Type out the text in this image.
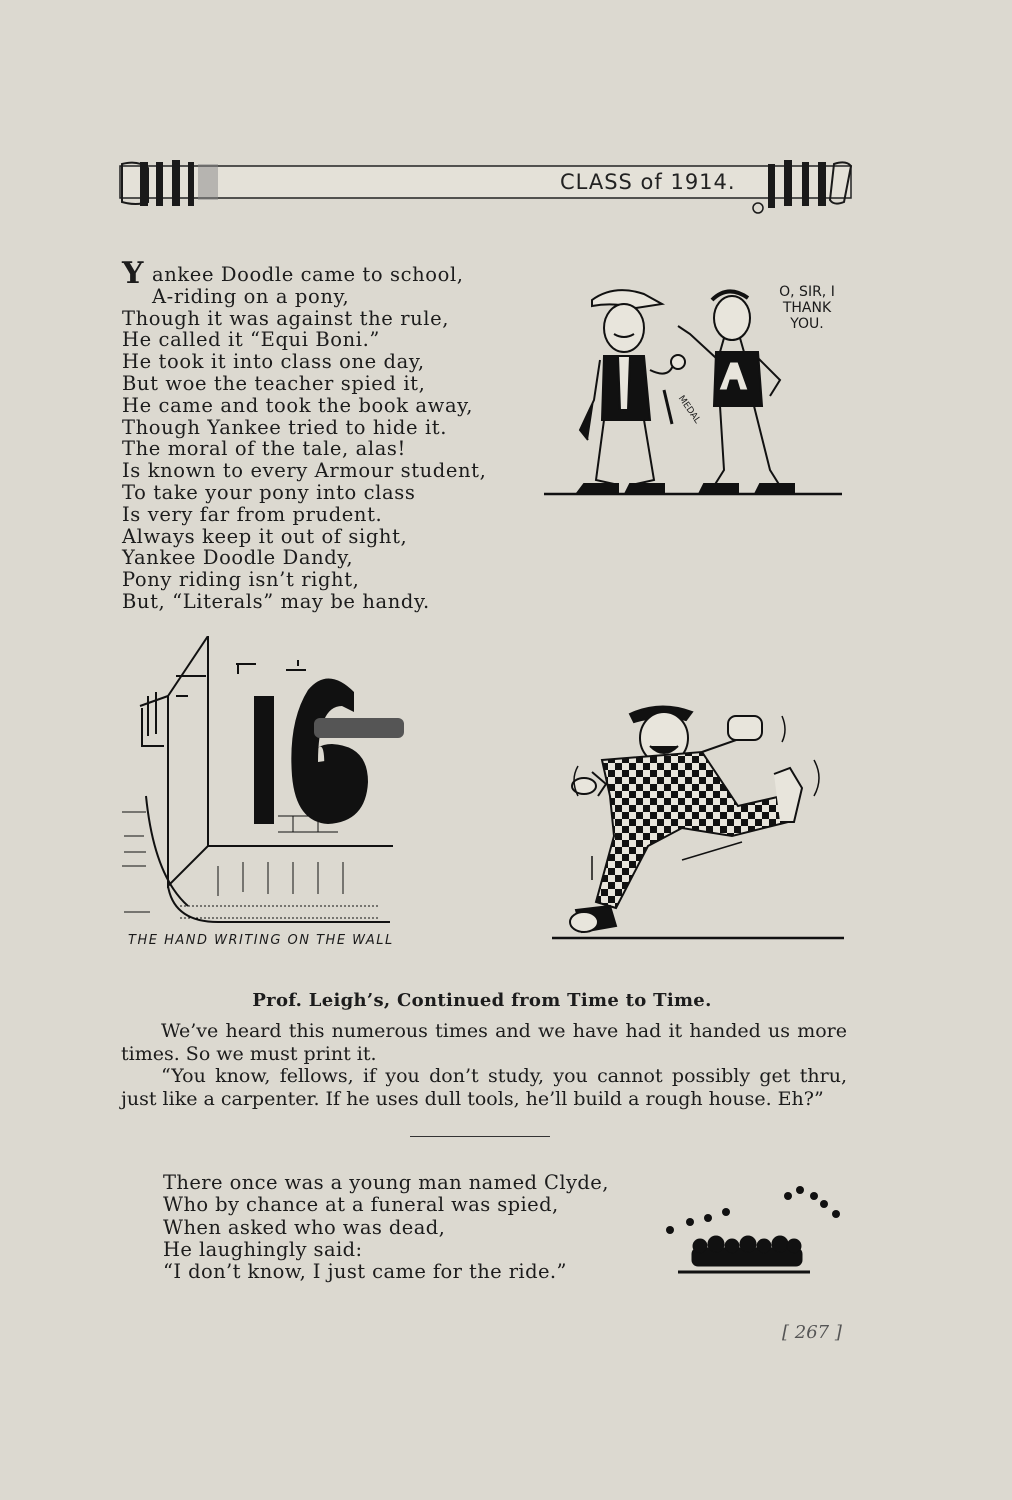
CLASS of 1914.
Yankee Doodle came to school,
A-riding on a pony,
Though it was against the rule,
He called it “Equi Boni.”
He took it into class one day,
But woe the teacher spied it,
He came and took the book away,
Though Yankee tried to hide it.
The moral of the tale, alas!
Is known to every Armour student,
To take your pony into class
Is very far from prudent.
Always keep it out of sight,
Yankee Doodle Dandy,
Pony riding isn’t right,
But, “Literals” may be handy.
O, SIR, I
THANK
YOU.
MEDAL
THE HAND WRITING ON THE WALL
Prof. Leigh’s, Continued from Time to Time.

We’ve heard this numerous times and we have had it handed us more times. So we must print it.

“You know, fellows, if you don’t study, you cannot possibly get thru, just like a carpenter. If he uses dull tools, he’ll build a rough house. Eh?”

There once was a young man named Clyde,
Who by chance at a funeral was spied,
When asked who was dead,
He laughingly said:
“I don’t know, I just came for the ride.”
[ 267 ]
